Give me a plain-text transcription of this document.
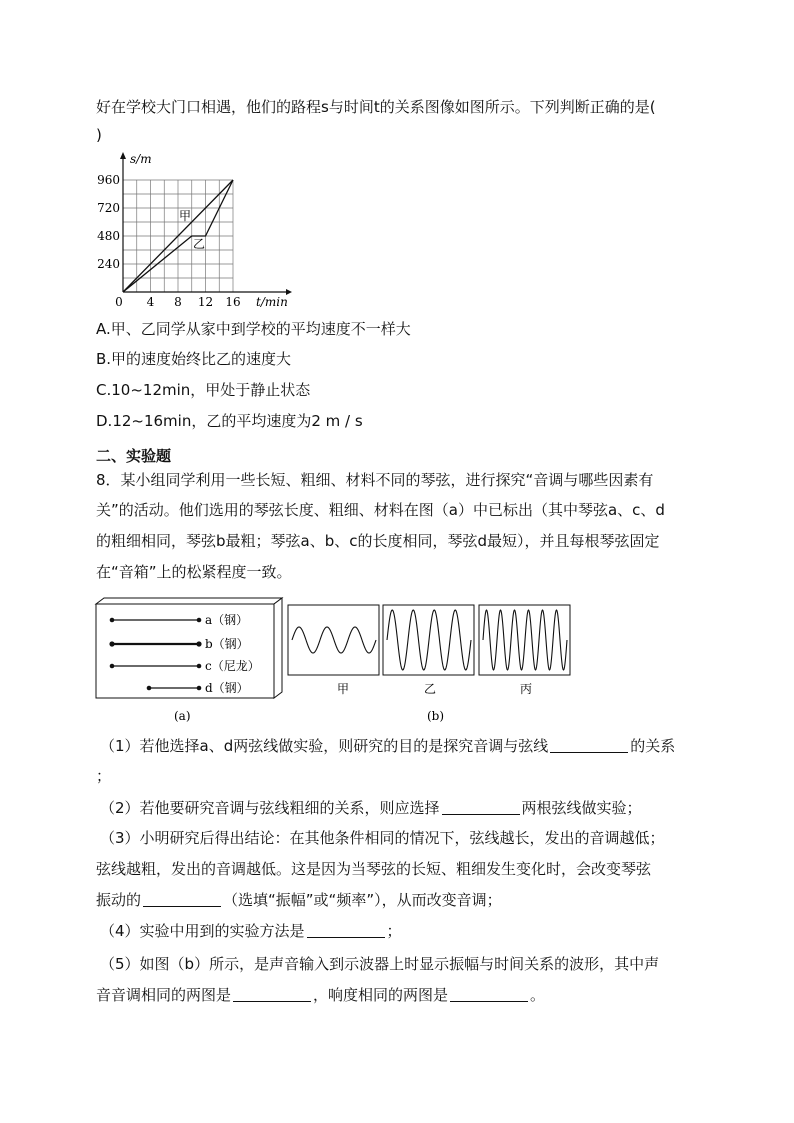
好在学校大门口相遇，他们的路程s与时间t的关系图像如图所示。下列判断正确的是(
)
s/m
t/min
960
720
480
240
0 4 8 12 16
甲
乙
A.甲、乙同学从家中到学校的平均速度不一样大
B.甲的速度始终比乙的速度大
C.10~12min，甲处于静止状态
D.12~16min，乙的平均速度为2 m / s
二、实验题
8．某小组同学利用一些长短、粗细、材料不同的琴弦，进行探究“音调与哪些因素有
关”的活动。他们选用的琴弦长度、粗细、材料在图（a）中已标出（其中琴弦a、c、d
的粗细相同，琴弦b最粗；琴弦a、b、c的长度相同，琴弦d最短），并且每根琴弦固定
在“音箱”上的松紧程度一致。
a（钢）
b（钢）
c（尼龙）
d（钢）
(a)
甲	乙	丙
(b)
（1）若他选择a、d两弦线做实验，则研究的目的是探究音调与弦线	的关系
；
（2）若他要研究音调与弦线粗细的关系，则应选择	两根弦线做实验；
（3）小明研究后得出结论：在其他条件相同的情况下，弦线越长，发出的音调越低；
弦线越粗，发出的音调越低。这是因为当琴弦的长短、粗细发生变化时，会改变琴弦
振动的	（选填“振幅”或“频率”），从而改变音调；
（4）实验中用到的实验方法是	；
（5）如图（b）所示，是声音输入到示波器上时显示振幅与时间关系的波形，其中声
音音调相同的两图是	，响度相同的两图是	。
